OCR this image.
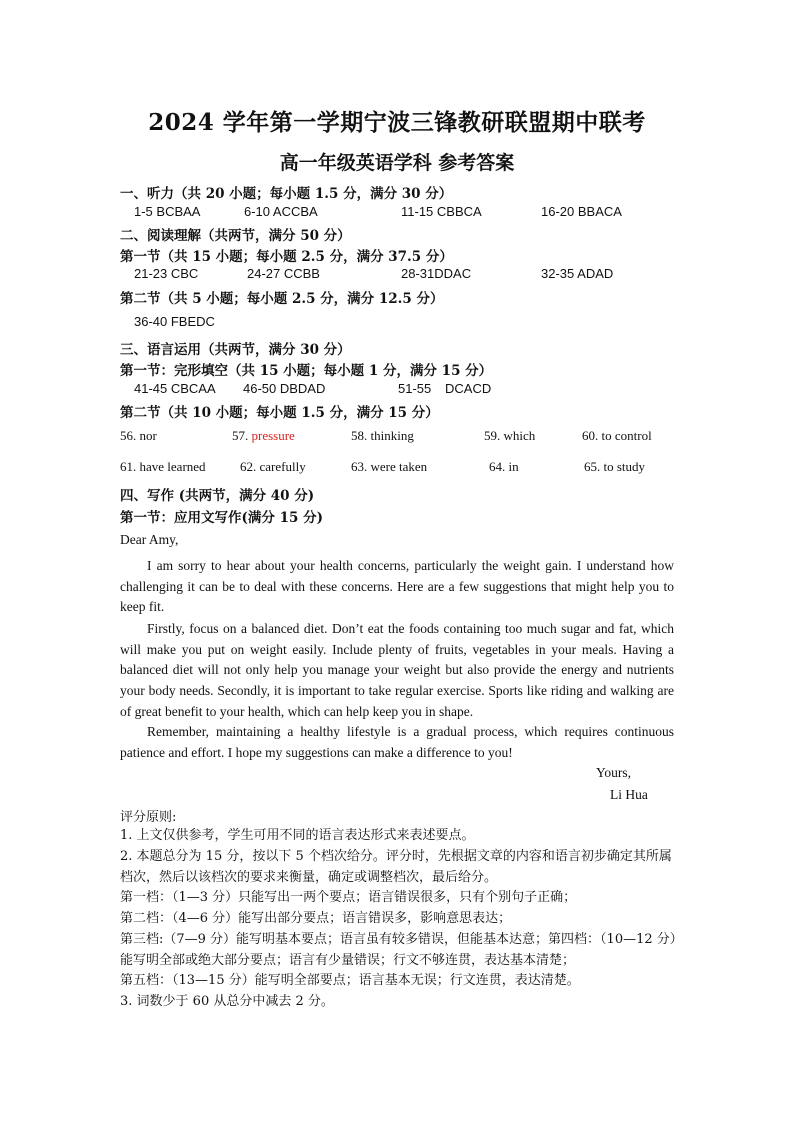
2024 学年第一学期宁波三锋教研联盟期中联考
高一年级英语学科 参考答案
一、听力（共 20 小题；每小题 1.5 分，满分 30 分）
1-5 BCBAA	6-10 ACCBA	11-15 CBBCA	16-20 BBACA
二、阅读理解（共两节，满分 50 分）
第一节（共 15 小题；每小题 2.5 分，满分 37.5 分）
21-23 CBC	24-27 CCBB	28-31DDAC	32-35 ADAD
第二节（共 5 小题；每小题 2.5 分，满分 12.5 分）
36-40 FBEDC
三、语言运用（共两节，满分 30 分）
第一节：完形填空（共 15 小题；每小题 1 分，满分 15 分）
41-45 CBCAA 46-50 DBDAD	51-55 DCACD
第二节（共 10 小题；每小题 1.5 分，满分 15 分）
56. nor	57. pressure	58. thinking	59. which	60. to control
61. have learned	62. carefully	63. were taken	64. in	65. to study
四、写作 (共两节，满分 40 分)
第一节：应用文写作(满分 15 分)
Dear Amy,
I am sorry to hear about your health concerns, particularly the weight gain. I understand how challenging it can be to deal with these concerns. Here are a few suggestions that might help you to keep fit.
Firstly, focus on a balanced diet. Don’t eat the foods containing too much sugar and fat, which will make you put on weight easily. Include plenty of fruits, vegetables in your meals. Having a balanced diet will not only help you manage your weight but also provide the energy and nutrients your body needs. Secondly, it is important to take regular exercise. Sports like riding and walking are of great benefit to your health, which can help keep you in shape.
Remember, maintaining a healthy lifestyle is a gradual process, which requires continuous patience and effort. I hope my suggestions can make a difference to you!
Yours,
Li Hua
评分原则:
1. 上文仅供参考，学生可用不同的语言表达形式来表述要点。
2. 本题总分为 15 分，按以下 5 个档次给分。评分时，先根据文章的内容和语言初步确定其所属档次，然后以该档次的要求来衡量，确定或调整档次，最后给分。
第一档：（1—3 分）只能写出一两个要点；语言错误很多，只有个别句子正确；
第二档：（4—6 分）能写出部分要点；语言错误多，影响意思表达；
第三档:（7—9 分）能写明基本要点；语言虽有较多错误，但能基本达意；第四档：（10—12 分）能写明全部或绝大部分要点；语言有少量错误；行文不够连贯，表达基本清楚；
第五档：（13—15 分）能写明全部要点；语言基本无误；行文连贯，表达清楚。
3. 词数少于 60 从总分中减去 2 分。
